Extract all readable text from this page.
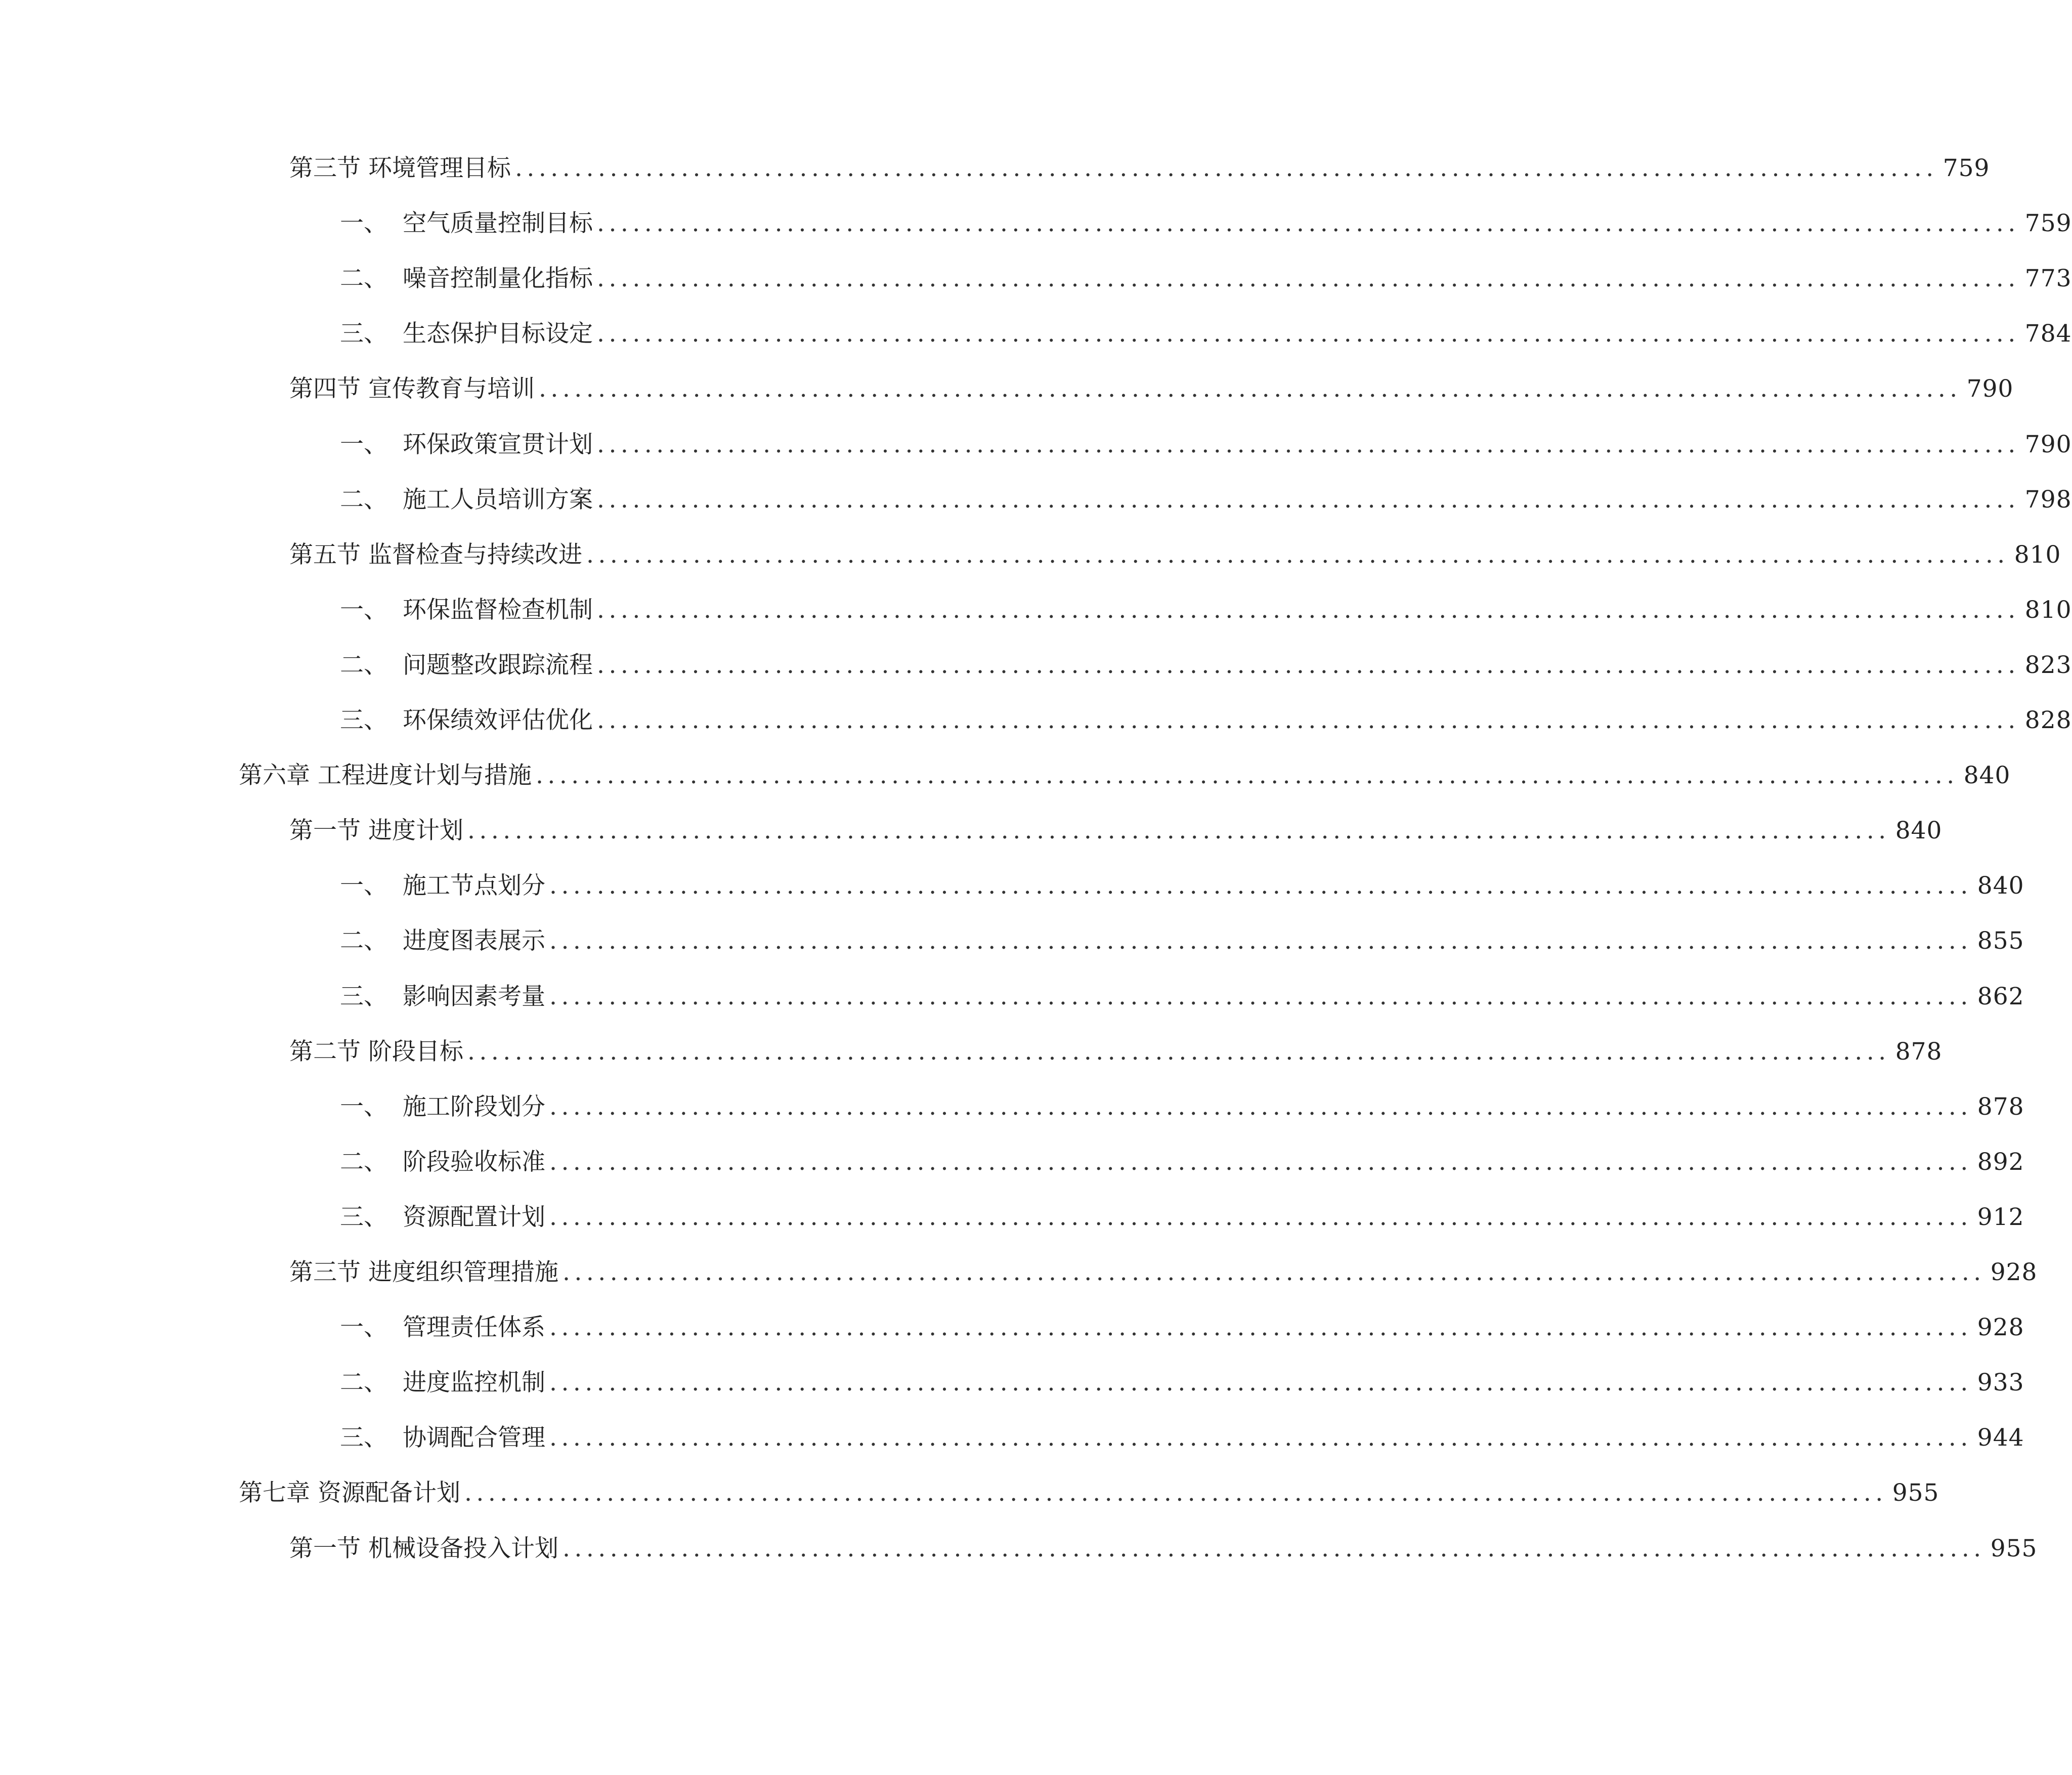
第三节 环境管理目标 ........................................................................................................................ 759
一、 空气质量控制目标 ........................................................................................................................ 759
二、 噪音控制量化指标 ........................................................................................................................ 773
三、 生态保护目标设定 ........................................................................................................................ 784
第四节 宣传教育与培训 ........................................................................................................................ 790
一、 环保政策宣贯计划 ........................................................................................................................ 790
二、 施工人员培训方案 ........................................................................................................................ 798
第五节 监督检查与持续改进 ........................................................................................................................ 810
一、 环保监督检查机制 ........................................................................................................................ 810
二、 问题整改跟踪流程 ........................................................................................................................ 823
三、 环保绩效评估优化 ........................................................................................................................ 828
第六章 工程进度计划与措施 ........................................................................................................................ 840
第一节 进度计划 ........................................................................................................................ 840
一、 施工节点划分 ........................................................................................................................ 840
二、 进度图表展示 ........................................................................................................................ 855
三、 影响因素考量 ........................................................................................................................ 862
第二节 阶段目标 ........................................................................................................................ 878
一、 施工阶段划分 ........................................................................................................................ 878
二、 阶段验收标准 ........................................................................................................................ 892
三、 资源配置计划 ........................................................................................................................ 912
第三节 进度组织管理措施 ........................................................................................................................ 928
一、 管理责任体系 ........................................................................................................................ 928
二、 进度监控机制 ........................................................................................................................ 933
三、 协调配合管理 ........................................................................................................................ 944
第七章 资源配备计划 ........................................................................................................................ 955
第一节 机械设备投入计划 ........................................................................................................................ 955
